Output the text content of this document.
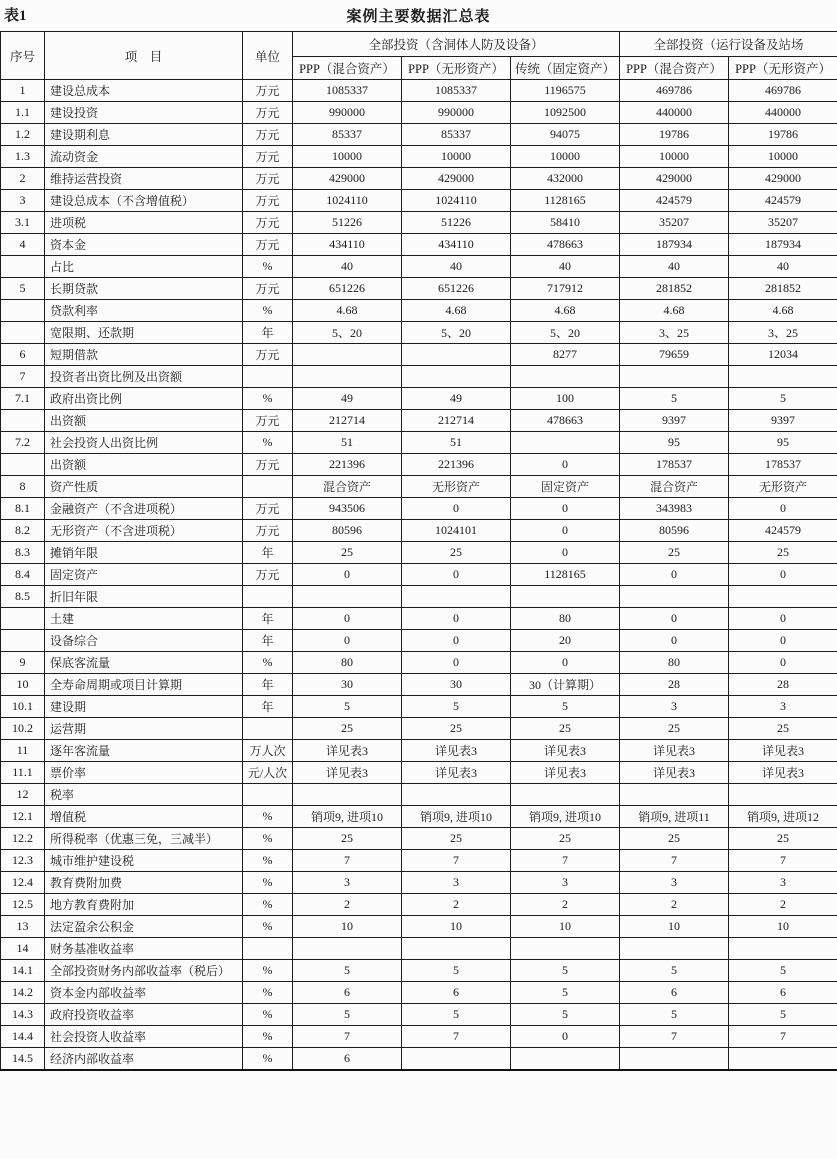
表1	案例主要数据汇总表
序号	项    目	单位	全部投资（含洞体人防及设备）			全部投资（运行设备及站场	
			PPP（混合资产）	PPP（无形资产）	传统（固定资产）	PPP（混合资产）	PPP（无形资产）
1	建设总成本	万元	1085337	1085337	1196575	469786	469786
1.1	建设投资	万元	990000	990000	1092500	440000	440000
1.2	建设期利息	万元	85337	85337	94075	19786	19786
1.3	流动资金	万元	10000	10000	10000	10000	10000
2	维持运营投资	万元	429000	429000	432000	429000	429000
3	建设总成本（不含增值税）	万元	1024110	1024110	1128165	424579	424579
3.1	进项税	万元	51226	51226	58410	35207	35207
4	资本金	万元	434110	434110	478663	187934	187934
	占比	%	40	40	40	40	40
5	长期贷款	万元	651226	651226	717912	281852	281852
	贷款利率	%	4.68	4.68	4.68	4.68	4.68
	宽限期、还款期	年	5、20	5、20	5、20	3、25	3、25
6	短期借款	万元			8277	79659	12034
7	投资者出资比例及出资额						
7.1	政府出资比例	%	49	49	100	5	5
	出资额	万元	212714	212714	478663	9397	9397
7.2	社会投资人出资比例	%	51	51		95	95
	出资额	万元	221396	221396	0	178537	178537
8	资产性质		混合资产	无形资产	固定资产	混合资产	无形资产
8.1	金融资产（不含进项税）	万元	943506	0	0	343983	0
8.2	无形资产（不含进项税）	万元	80596	1024101	0	80596	424579
8.3	摊销年限	年	25	25	0	25	25
8.4	固定资产	万元	0	0	1128165	0	0
8.5	折旧年限						
	土建	年	0	0	80	0	0
	设备综合	年	0	0	20	0	0
9	保底客流量	%	80	0	0	80	0
10	全寿命周期或项目计算期	年	30	30	30（计算期）	28	28
10.1	建设期	年	5	5	5	3	3
10.2	运营期		25	25	25	25	25
11	逐年客流量	万人次	详见表3	详见表3	详见表3	详见表3	详见表3
11.1	票价率	元/人次	详见表3	详见表3	详见表3	详见表3	详见表3
12	税率						
12.1	增值税	%	销项9, 进项10	销项9, 进项10	销项9, 进项10	销项9, 进项11	销项9, 进项12
12.2	所得税率（优惠三免，三减半）	%	25	25	25	25	25
12.3	城市维护建设税	%	7	7	7	7	7
12.4	教育费附加费	%	3	3	3	3	3
12.5	地方教育费附加	%	2	2	2	2	2
13	法定盈余公积金	%	10	10	10	10	10
14	财务基准收益率						
14.1	全部投资财务内部收益率（税后）	%	5	5	5	5	5
14.2	资本金内部收益率	%	6	6	5	6	6
14.3	政府投资收益率	%	5	5	5	5	5
14.4	社会投资人收益率	%	7	7	0	7	7
14.5	经济内部收益率	%	6				
